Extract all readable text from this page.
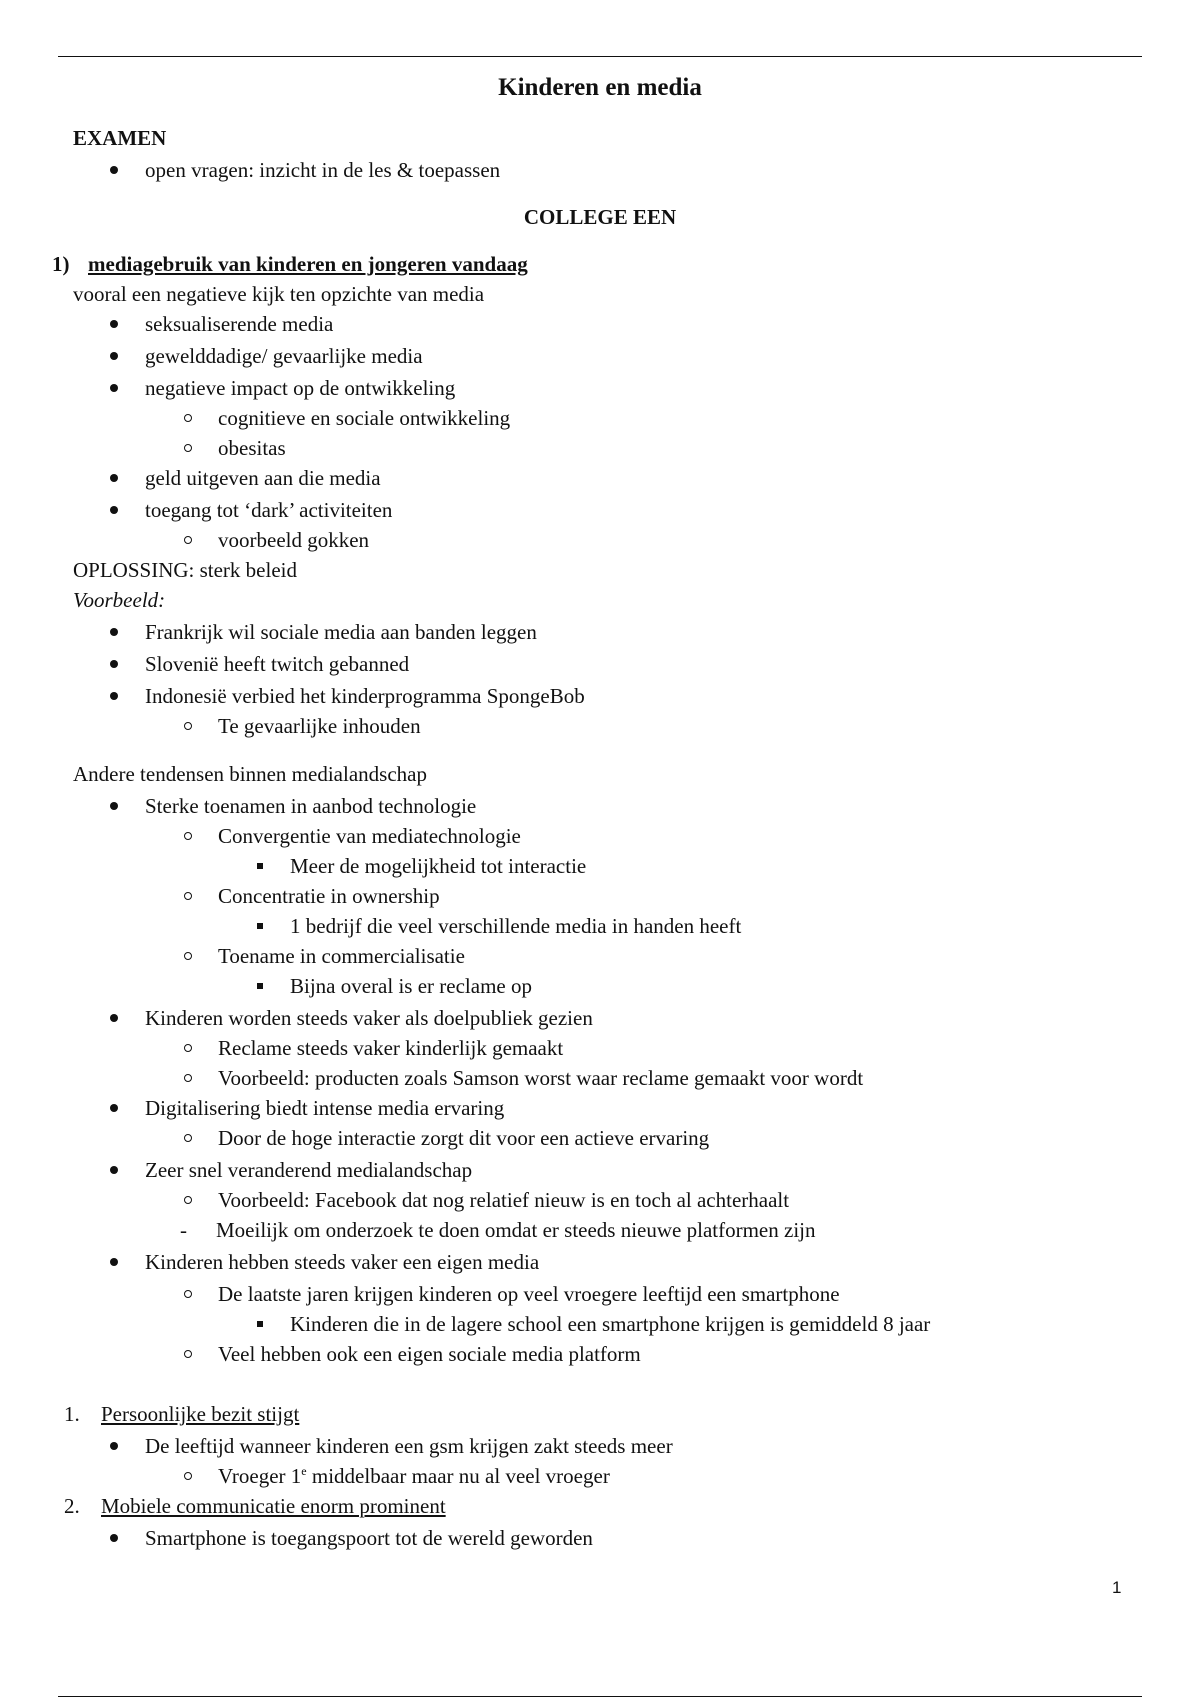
Kinderen en media
EXAMEN
open vragen: inzicht in de les & toepassen
COLLEGE EEN
1) mediagebruik van kinderen en jongeren vandaag
vooral een negatieve kijk ten opzichte van media
seksualiserende media
gewelddadige/ gevaarlijke media
negatieve impact op de ontwikkeling
cognitieve en sociale ontwikkeling
obesitas
geld uitgeven aan die media
toegang tot ‘dark’ activiteiten
voorbeeld gokken
OPLOSSING: sterk beleid
Voorbeeld:
Frankrijk wil sociale media aan banden leggen
Slovenië heeft twitch gebanned
Indonesië verbied het kinderprogramma SpongeBob
Te gevaarlijke inhouden
Andere tendensen binnen medialandschap
Sterke toenamen in aanbod technologie
Convergentie van mediatechnologie
Meer de mogelijkheid tot interactie
Concentratie in ownership
1 bedrijf die veel verschillende media in handen heeft
Toename in commercialisatie
Bijna overal is er reclame op
Kinderen worden steeds vaker als doelpubliek gezien
Reclame steeds vaker kinderlijk gemaakt
Voorbeeld: producten zoals Samson worst waar reclame gemaakt voor wordt
Digitalisering biedt intense media ervaring
Door de hoge interactie zorgt dit voor een actieve ervaring
Zeer snel veranderend medialandschap
Voorbeeld: Facebook dat nog relatief nieuw is en toch al achterhaalt
- Moeilijk om onderzoek te doen omdat er steeds nieuwe platformen zijn
Kinderen hebben steeds vaker een eigen media
De laatste jaren krijgen kinderen op veel vroegere leeftijd een smartphone
Kinderen die in de lagere school een smartphone krijgen is gemiddeld 8 jaar
Veel hebben ook een eigen sociale media platform
1. Persoonlijke bezit stijgt
De leeftijd wanneer kinderen een gsm krijgen zakt steeds meer
Vroeger 1e middelbaar maar nu al veel vroeger
2. Mobiele communicatie enorm prominent
Smartphone is toegangspoort tot de wereld geworden
1
